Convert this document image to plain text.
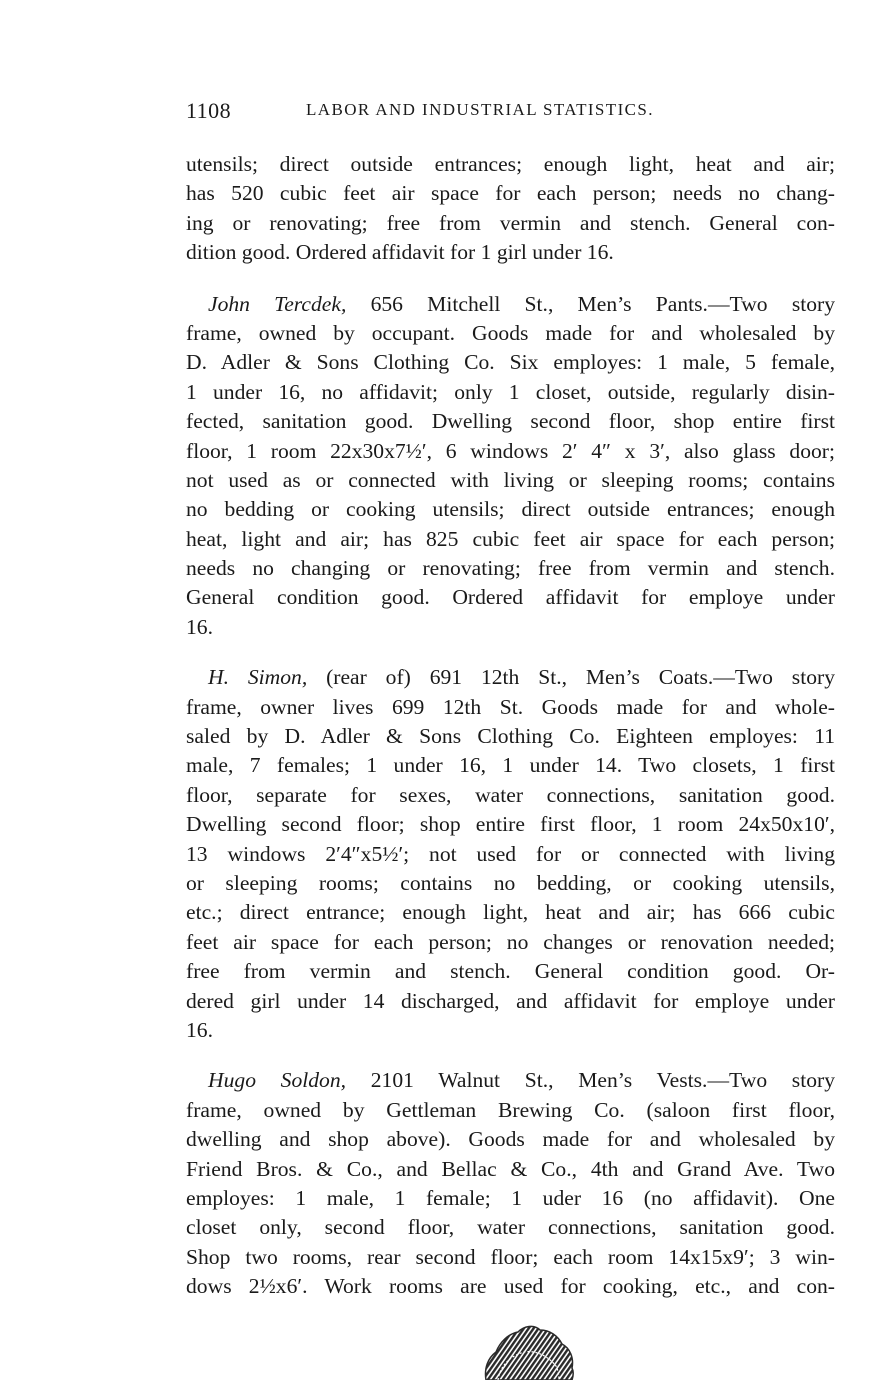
1108	LABOR AND INDUSTRIAL STATISTICS.
utensils; direct outside entrances; enough light, heat and air;
has 520 cubic feet air space for each person; needs no chang-
ing or renovating; free from vermin and stench. General con-
dition good. Ordered affidavit for 1 girl under 16.
John Tercdek, 656 Mitchell St., Men’s Pants.—Two story
frame, owned by occupant. Goods made for and wholesaled by
D. Adler & Sons Clothing Co. Six employes: 1 male, 5 female,
1 under 16, no affidavit; only 1 closet, outside, regularly disin-
fected, sanitation good. Dwelling second floor, shop entire first
floor, 1 room 22x30x7½′, 6 windows 2′ 4″ x 3′, also glass door;
not used as or connected with living or sleeping rooms; contains
no bedding or cooking utensils; direct outside entrances; enough
heat, light and air; has 825 cubic feet air space for each person;
needs no changing or renovating; free from vermin and stench.
General condition good. Ordered affidavit for employe under
16.
H. Simon, (rear of) 691 12th St., Men’s Coats.—Two story
frame, owner lives 699 12th St. Goods made for and whole-
saled by D. Adler & Sons Clothing Co. Eighteen employes: 11
male, 7 females; 1 under 16, 1 under 14. Two closets, 1 first
floor, separate for sexes, water connections, sanitation good.
Dwelling second floor; shop entire first floor, 1 room 24x50x10′,
13 windows 2′4″x5½′; not used for or connected with living
or sleeping rooms; contains no bedding, or cooking utensils,
etc.; direct entrance; enough light, heat and air; has 666 cubic
feet air space for each person; no changes or renovation needed;
free from vermin and stench. General condition good. Or-
dered girl under 14 discharged, and affidavit for employe under
16.
Hugo Soldon, 2101 Walnut St., Men’s Vests.—Two story
frame, owned by Gettleman Brewing Co. (saloon first floor,
dwelling and shop above). Goods made for and wholesaled by
Friend Bros. & Co., and Bellac & Co., 4th and Grand Ave. Two
employes: 1 male, 1 female; 1 uder 16 (no affidavit). One
closet only, second floor, water connections, sanitation good.
Shop two rooms, rear second floor; each room 14x15x9′; 3 win-
dows 2½x6′. Work rooms are used for cooking, etc., and con-
